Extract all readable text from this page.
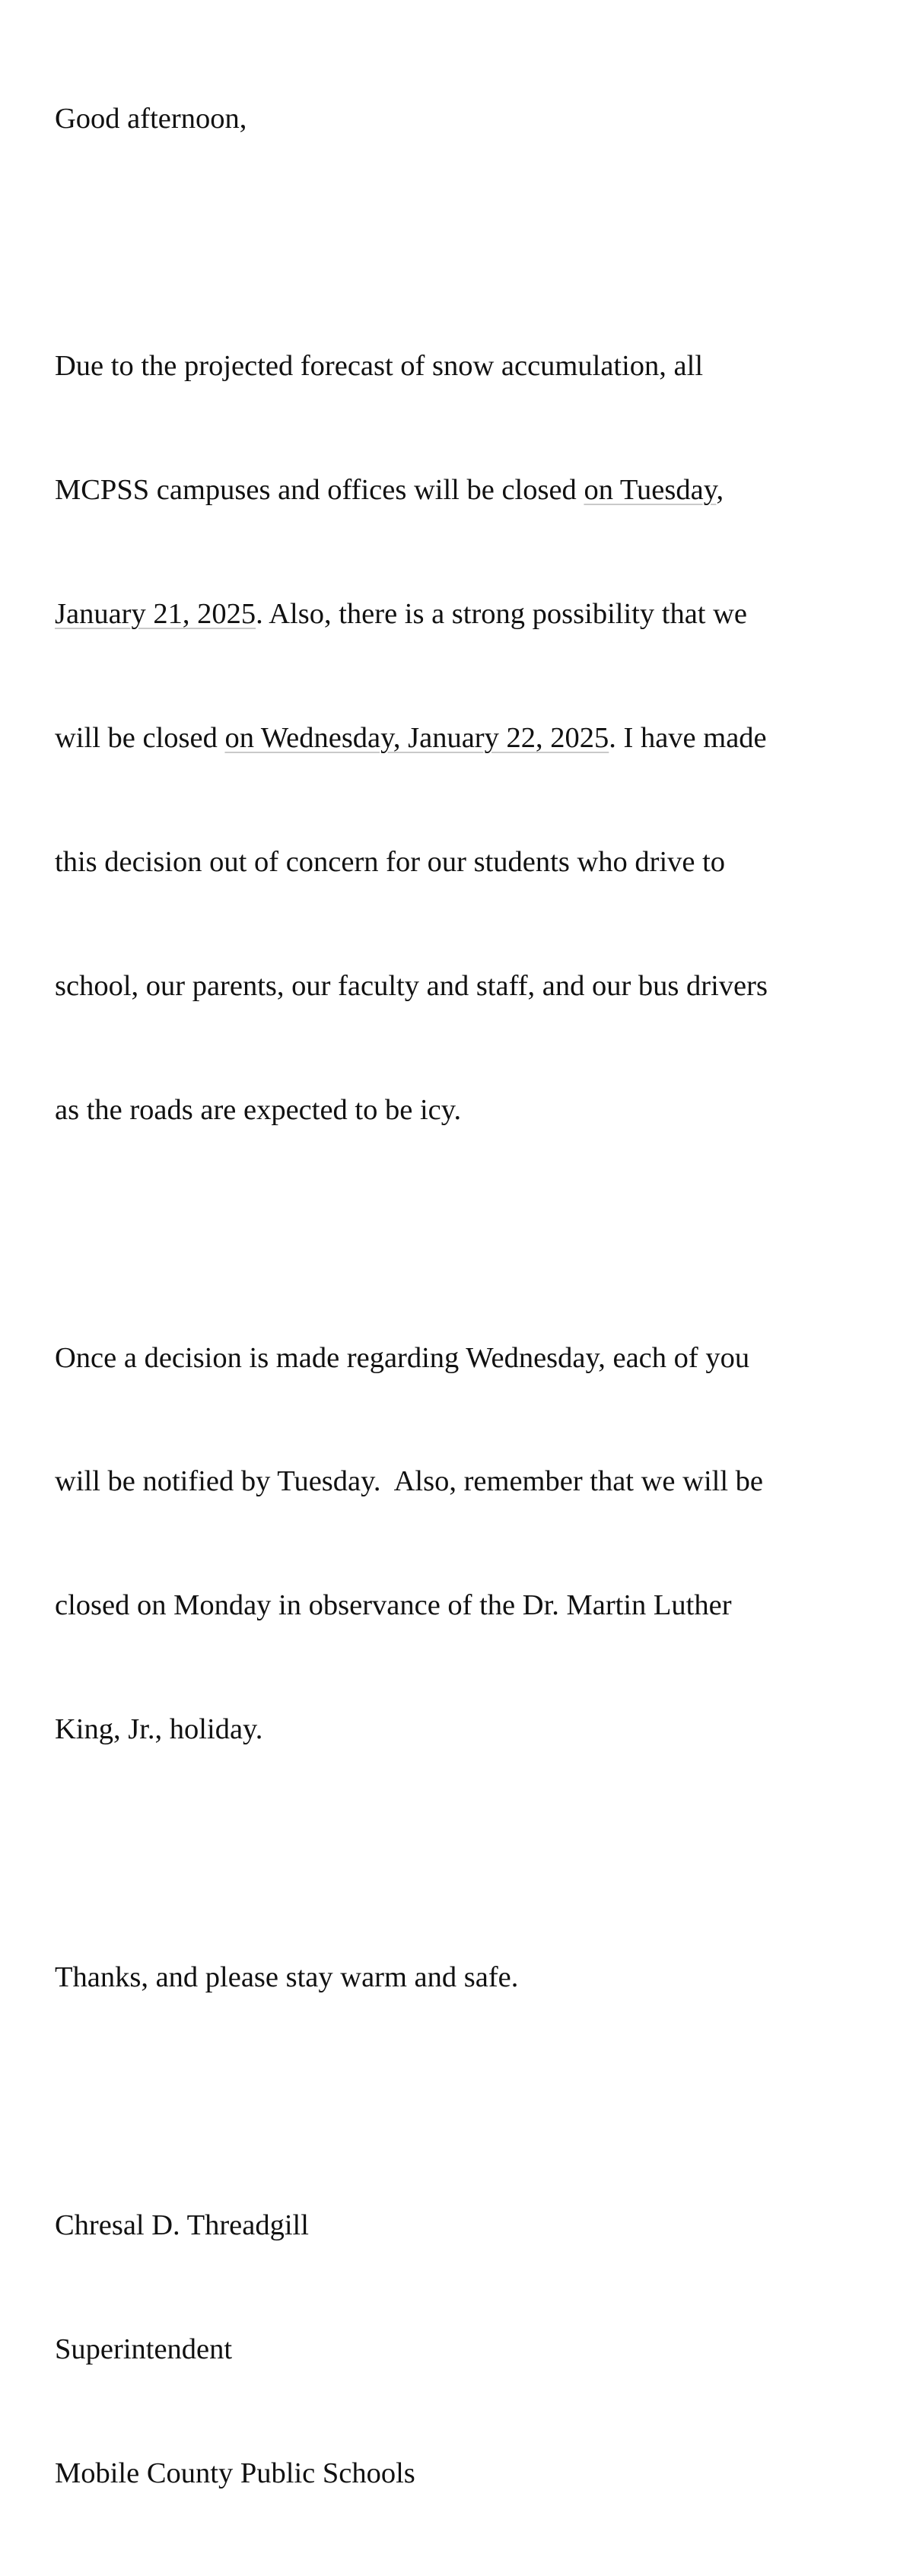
Good afternoon,

Due to the projected forecast of snow accumulation, all

MCPSS campuses and offices will be closed on Tuesday,

January 21, 2025. Also, there is a strong possibility that we

will be closed on Wednesday, January 22, 2025. I have made

this decision out of concern for our students who drive to

school, our parents, our faculty and staff, and our bus drivers

as the roads are expected to be icy.

Once a decision is made regarding Wednesday, each of you

will be notified by Tuesday.  Also, remember that we will be

closed on Monday in observance of the Dr. Martin Luther

King, Jr., holiday.

Thanks, and please stay warm and safe.

Chresal D. Threadgill

Superintendent

Mobile County Public Schools
